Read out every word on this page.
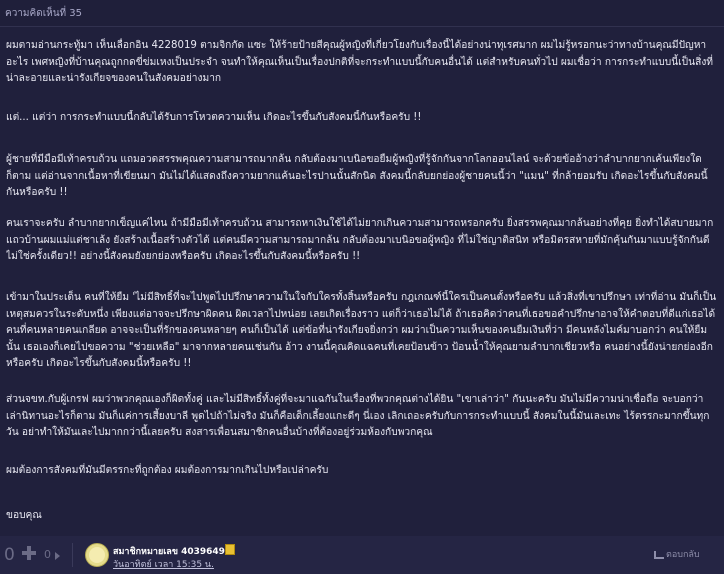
ความคิดเห็นที่ 35

ผมตามอ่านกระทู้มา เห็นเลื่อกอิน 4228019 ตามจิกกัด แซะ ให้ร้ายป้ายสีคุณผู้หญิงที่เกี่ยวโยงกับเรื่องนี้ได้อย่างน่าทุเรศมาก ผมไม่รู้หรอกนะว่าทางบ้านคุณมีปัญหาอะไร เพศหญิงที่บ้านคุณถูกกดขี่ข่มเหงเป็นประจำ จนทำให้คุณเห็นเป็นเรื่องปกติที่จะกระทำแบบนี้กับคนอื่นได้ แต่สำหรับคนทั่วไป ผมเชื่อว่า การกระทำแบบนี้เป็นสิ่งที่น่าละอายและน่ารังเกียจของคนในสังคมอย่างมาก

แต่... แต่ว่า การกระทำแบบนี้กลับได้รับการโหวตความเห็น เกิดอะไรขึ้นกับสังคมนี้กันหรือครับ !!

ผู้ชายที่มีมือมีเท้าครบถ้วน แถมอวดสรรพคุณความสามารถมากล้น กลับต้องมาเบนิอขอยืมผู้หญิงที่รู้จักกันจากโลกออนไลน์ จะด้วยข้ออ้างว่าลำบากยากเค้นเพียงใดก็ตาม แต่อ่านจากเนื้อหาที่เขียนมา มันไม่ได้แสดงถึงความยากแค้นอะไรปานนั้นสักนิด สังคมนี้กลับยกย่องผู้ชายคนนี้ว่า "แมน" ที่กล้ายอมรับ เกิดอะไรขึ้นกับสังคมนี้กันหรือครับ !!

คนเราจะครับ ลำบากยากเข็ญแค่ไหน ถ้ามีมือมีเท้าครบถ้วน สามารถหาเงินใช้ได้ไม่ยากเกินความสามารถหรอกครับ ยิ่งสรรพคุณมากล้นอย่างที่คุย ยิ่งทำได้สบายมาก แถวบ้านผมแม่แต่ชาเล้ง ยังสร้างเนื้อสร้างตัวได้ แต่คนมีความสามารถมากล้น กลับต้องมาเบนิอขอผู้หญิง ที่ไม่ใช่ญาติสนิท หรือมิตรสหายที่มักคุ้นกันมาแบบรู้จักกันดี ไม่ใช่ครั้งเดียว!! อย่างนี้สังคมยังยกย่องหรือครับ เกิดอะไรขึ้นกับสังคมนี้หรือครับ !!

เข้ามาในประเด็น คนที่ให้ยืม 'ไม่มีสิทธิ์ที่จะไปพูดไปปรึกษาความในใจกับใครทั้งสิ้นหรือครับ กฎเกณฑ์นี้ใครเป็นคนตั้งหรือครับ แล้วสิ่งที่เขาปรึกษา เท่าที่อ่าน มันก็เป็นเหตุสมควรในระดับหนึ่ง เพียงแต่อาจจะปรึกษาผิดคน ผิดเวลาไปหน่อย เลยเกิดเรื่องราว แต่ก็ว่าเธอไม่ได้ ถ้าเธอคิดว่าคนที่เธอขอคำปรึกษาอาจให้คำตอบที่ดีแก่เธอได้ คนที่คนหลายคนเกลียด อาจจะเป็นที่รักของคนหลายๆ คนก็เป็นได้ แต่ข้อที่น่ารังเกียจยิ่งกว่า ผมว่าเป็นความเห็นของคนยืมเงินที่ว่า มีคนหลังไมค์มาบอกว่า คนให้ยืมนั้น เธอเองก็เคยไปขอความ "ช่วยเหลือ" มาจากหลายคนเช่นกัน อ้าว งานนี้คุณคิดแฉคนที่เคยป้อนข้าว ป้อนน้ำให้คุณยามลำบากเชียวหรือ คนอย่างนี้ยังน่ายกย่องอีกหรือครับ เกิดอะไรขึ้นกับสังคมนี้หรือครับ !!

ส่วนจขท.กับผู้เกรฟ ผมว่าพวกคุณเองก็ผิดทั้งคู่ และไม่มีสิทธิ์ทั้งคู่ที่จะมาแฉกันในเรื่องที่พวกคุณต่างได้ยิน "เขาเล่าว่า" กันนะครับ มันไม่มีความน่าเชื่อถือ จะบอกว่าเล่านิทานอะไรก็ตาม มันก็แค่การเสี้ยงบาลี พูดไปถ้าไม่จริง มันก็คือเด็กเลี้ยงแกะดีๆ นี่เอง เลิกเถอะครับกับการกระทำแบบนี้ สังคมในนี้มันเละเทะ ไร้ตรรกะมากขึ้นทุกวัน อย่าทำให้มันเละไปมากกว่านี้เลยครับ สงสารเพื่อนสมาชิกคนอื่นบ้างที่ต้องอยู่ร่วมห้องกับพวกคุณ

ผมต้องการสังคมที่มันมีตรรกะที่ถูกต้อง ผมต้องการมากเกินไปหรือเปล่าครับ

ขอบคุณ

0	0	สมาชิกหมายเลข 4039649
วันอาทิตย์ เวลา 15:35 น.
ตอบกลับ
